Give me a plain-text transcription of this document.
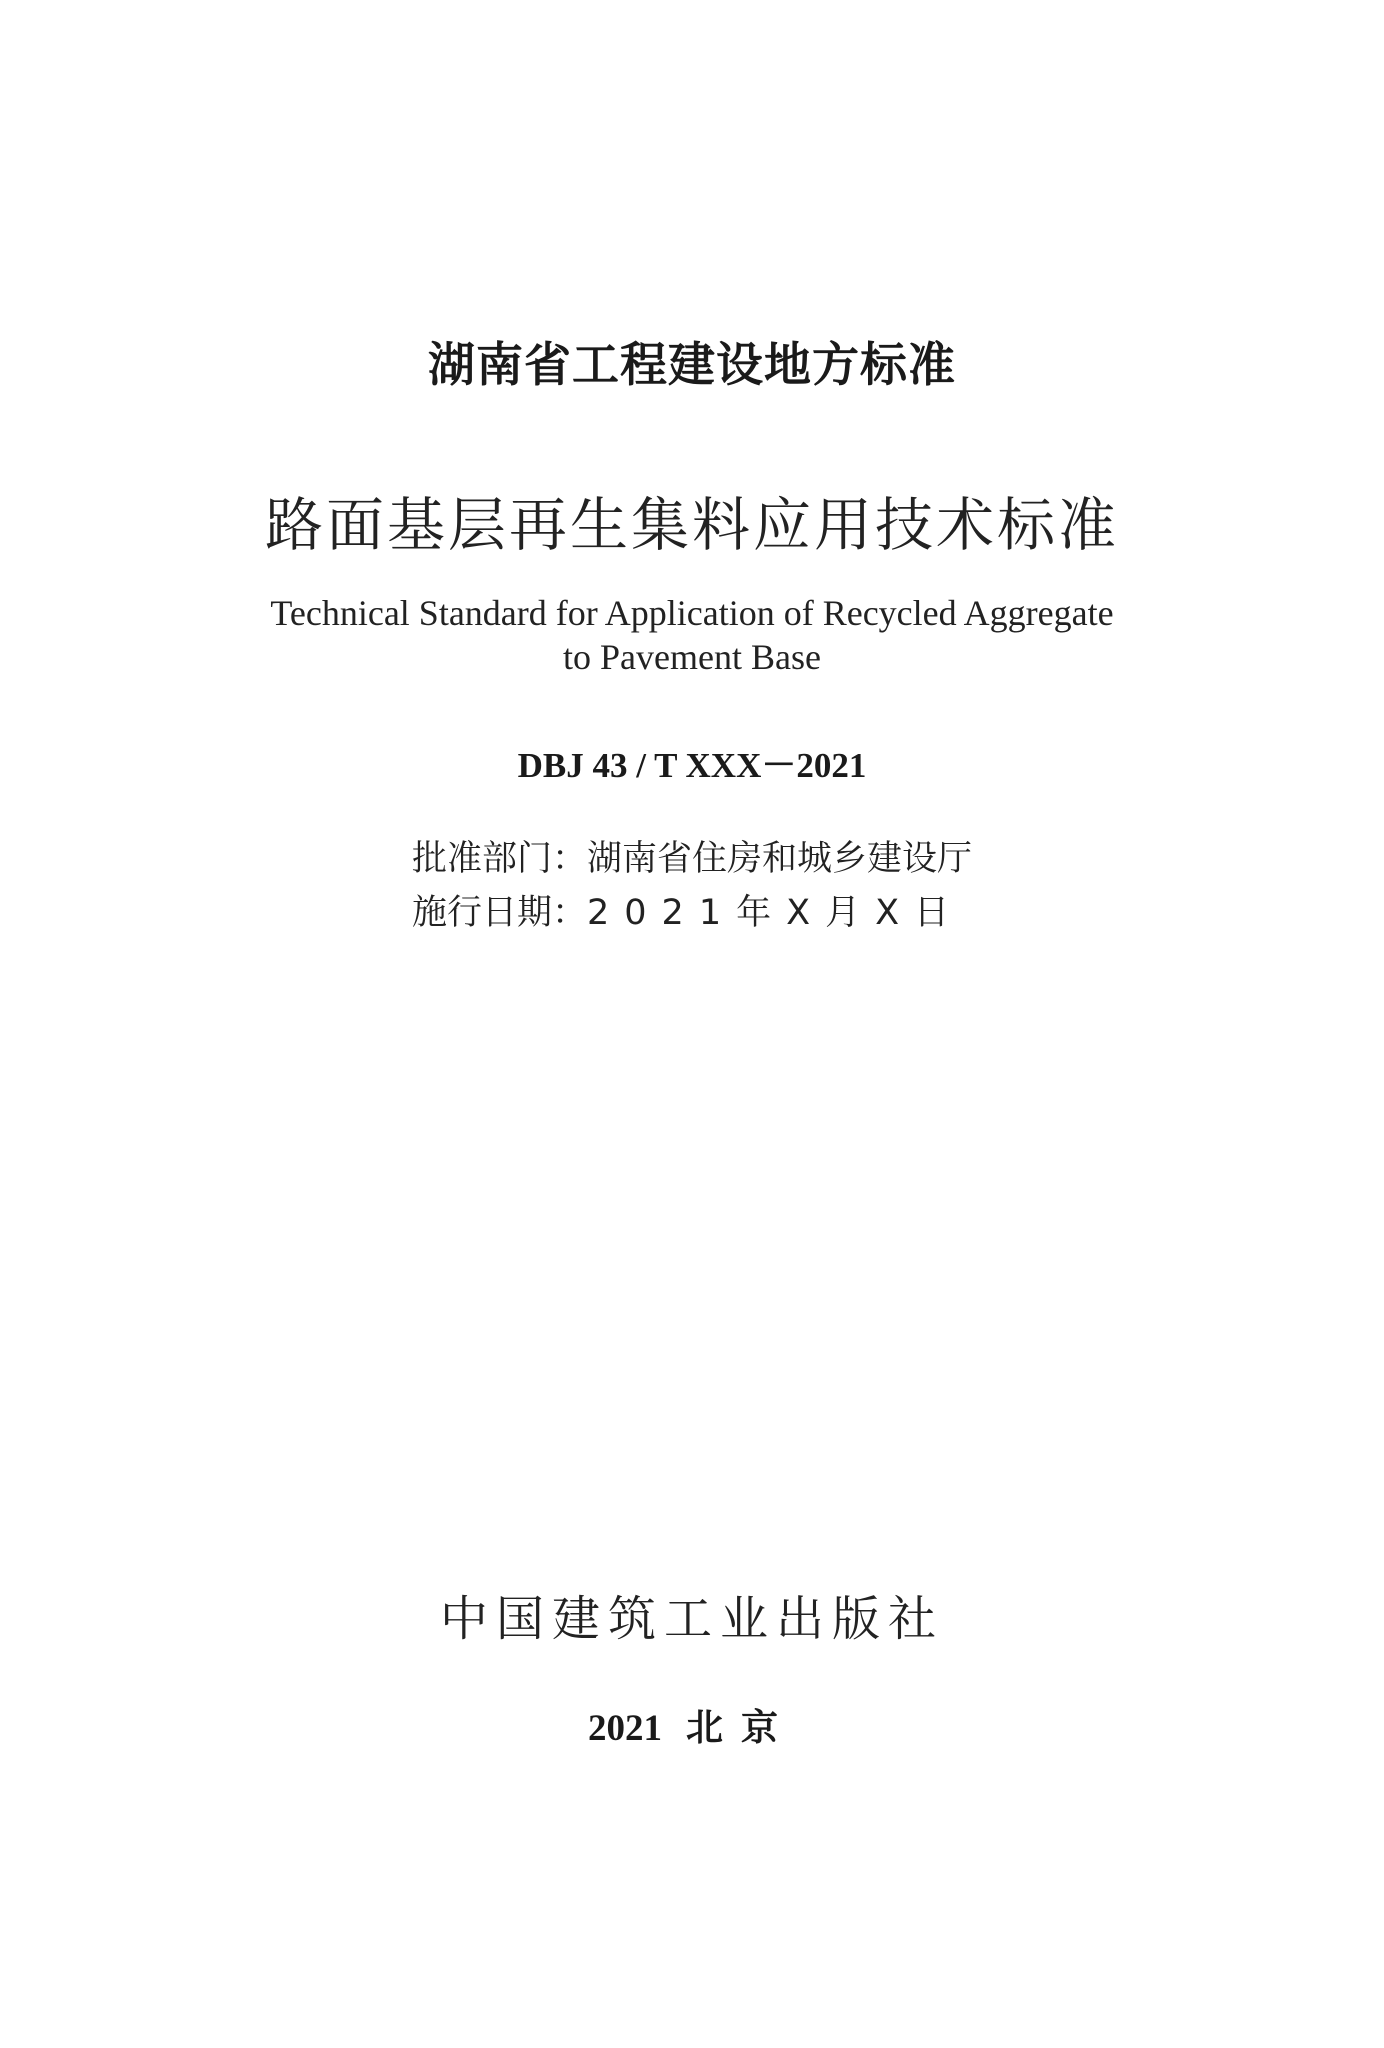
湖南省工程建设地方标准
路面基层再生集料应用技术标准
Technical Standard for Application of Recycled Aggregate
to Pavement Base
DBJ 43 / T XXX－2021
批准部门：湖南省住房和城乡建设厅
施行日期：2021年X月X日
中国建筑工业出版社
2021 北京
